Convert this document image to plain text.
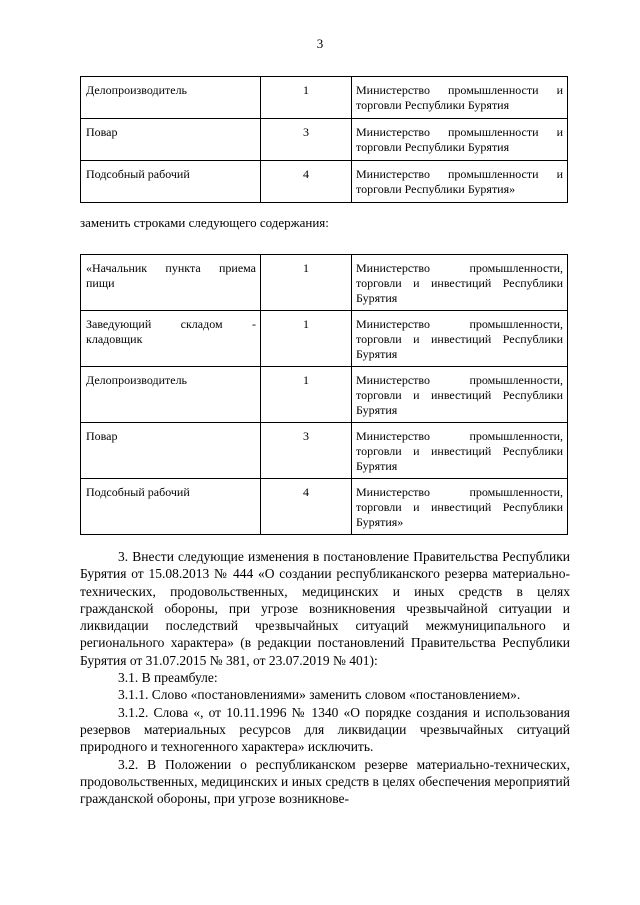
3
Делопроизводитель	1	Министерство промышленности и торговли Республики Бурятия
Повар	3	Министерство промышленности и торговли Республики Бурятия
Подсобный рабочий	4	Министерство промышленности и торговли Республики Бурятия»
заменить строками следующего содержания:
«Начальник пункта приема пищи	1	Министерство промышленности, торговли и инвестиций Республики Бурятия
Заведующий складом - кладовщик	1	Министерство промышленности, торговли и инвестиций Республики Бурятия
Делопроизводитель	1	Министерство промышленности, торговли и инвестиций Республики Бурятия
Повар	3	Министерство промышленности, торговли и инвестиций Республики Бурятия
Подсобный рабочий	4	Министерство промышленности, торговли и инвестиций Республики Бурятия»

3. Внести следующие изменения в постановление Правительства Республики Бурятия от 15.08.2013 № 444 «О создании республиканского резерва материально-технических, продовольственных, медицинских и иных средств в целях гражданской обороны, при угрозе возникновения чрезвычайной ситуации и ликвидации последствий чрезвычайных ситуаций межмуниципального и регионального характера» (в редакции постановлений Правительства Республики Бурятия от 31.07.2015 № 381, от 23.07.2019 № 401):

3.1. В преамбуле:

3.1.1. Слово «постановлениями» заменить словом «постановлением».

3.1.2. Слова «, от 10.11.1996 № 1340 «О порядке создания и использования резервов материальных ресурсов для ликвидации чрезвычайных ситуаций природного и техногенного характера» исключить.

3.2. В Положении о республиканском резерве материально-технических, продовольственных, медицинских и иных средств в целях обеспечения мероприятий гражданской обороны, при угрозе возникнове-
